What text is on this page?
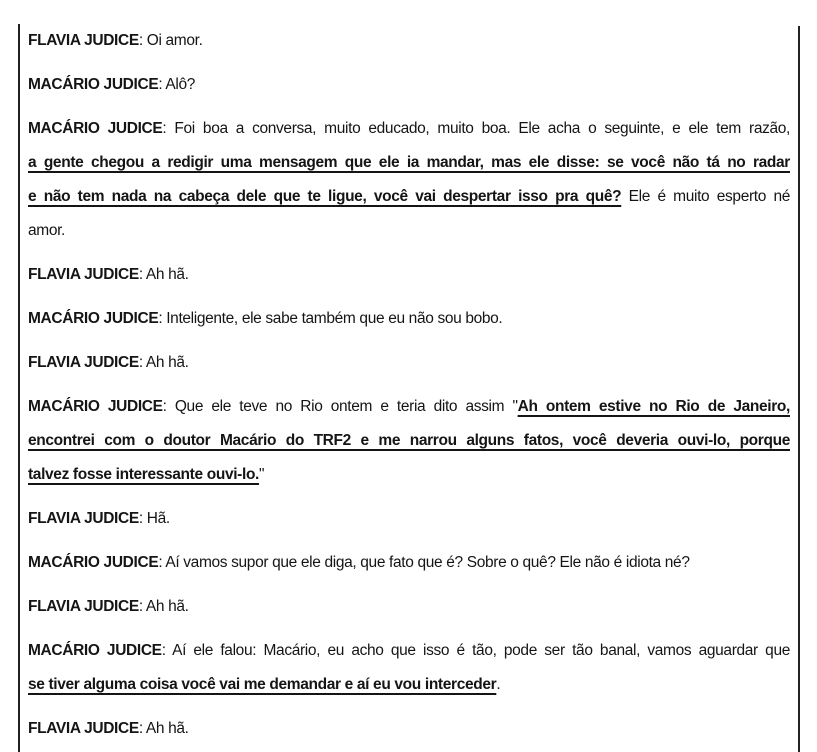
FLAVIA JUDICE: Oi amor.
MACÁRIO JUDICE: Alô?
MACÁRIO JUDICE: Foi boa a conversa, muito educado, muito boa. Ele acha o seguinte, e ele tem razão,
a gente chegou a redigir uma mensagem que ele ia mandar, mas ele disse: se você não tá no radar
e não tem nada na cabeça dele que te ligue, você vai despertar isso pra quê? Ele é muito esperto né
amor.
FLAVIA JUDICE: Ah hã.
MACÁRIO JUDICE: Inteligente, ele sabe também que eu não sou bobo.
FLAVIA JUDICE: Ah hã.
MACÁRIO JUDICE: Que ele teve no Rio ontem e teria dito assim "Ah ontem estive no Rio de Janeiro,
encontrei com o doutor Macário do TRF2 e me narrou alguns fatos, você deveria ouvi-lo, porque
talvez fosse interessante ouvi-lo."
FLAVIA JUDICE: Hã.
MACÁRIO JUDICE: Aí vamos supor que ele diga, que fato que é? Sobre o quê? Ele não é idiota né?
FLAVIA JUDICE: Ah hã.
MACÁRIO JUDICE: Aí ele falou: Macário, eu acho que isso é tão, pode ser tão banal, vamos aguardar que
se tiver alguma coisa você vai me demandar e aí eu vou interceder.
FLAVIA JUDICE: Ah hã.
